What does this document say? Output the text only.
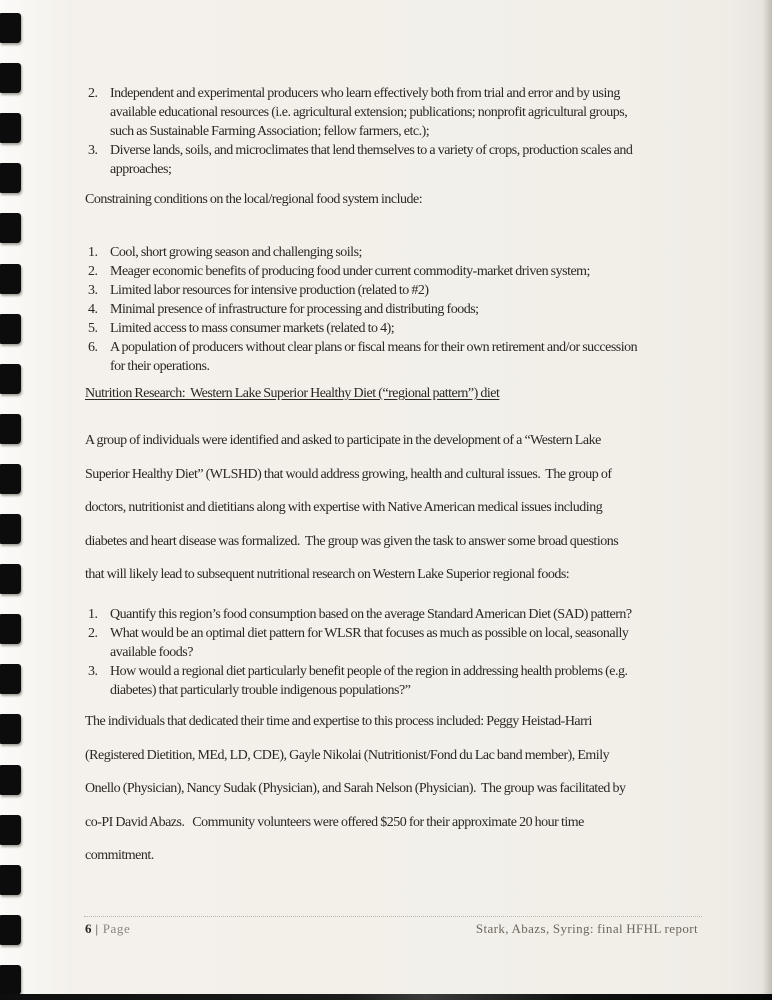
2. Independent and experimental producers who learn effectively both from trial and error and by using
available educational resources (i.e. agricultural extension; publications; nonprofit agricultural groups,
such as Sustainable Farming Association; fellow farmers, etc.);
3. Diverse lands, soils, and microclimates that lend themselves to a variety of crops, production scales and
approaches;
Constraining conditions on the local/regional food system include:
1. Cool, short growing season and challenging soils;
2. Meager economic benefits of producing food under current commodity-market driven system;
3. Limited labor resources for intensive production (related to #2)
4. Minimal presence of infrastructure for processing and distributing foods;
5. Limited access to mass consumer markets (related to 4);
6. A population of producers without clear plans or fiscal means for their own retirement and/or succession
for their operations.
Nutrition Research:  Western Lake Superior Healthy Diet (“regional pattern”) diet
A group of individuals were identified and asked to participate in the development of a “Western Lake
Superior Healthy Diet” (WLSHD) that would address growing, health and cultural issues.  The group of
doctors, nutritionist and dietitians along with expertise with Native American medical issues including
diabetes and heart disease was formalized.  The group was given the task to answer some broad questions
that will likely lead to subsequent nutritional research on Western Lake Superior regional foods:
1. Quantify this region’s food consumption based on the average Standard American Diet (SAD) pattern?
2. What would be an optimal diet pattern for WLSR that focuses as much as possible on local, seasonally
available foods?
3. How would a regional diet particularly benefit people of the region in addressing health problems (e.g.
diabetes) that particularly trouble indigenous populations?”
The individuals that dedicated their time and expertise to this process included: Peggy Heistad-Harri
(Registered Dietition, MEd, LD, CDE), Gayle Nikolai (Nutritionist/Fond du Lac band member), Emily
Onello (Physician), Nancy Sudak (Physician), and Sarah Nelson (Physician).  The group was facilitated by
co-PI David Abazs.   Community volunteers were offered $250 for their approximate 20 hour time
commitment.
6 | Page	Stark, Abazs, Syring: final HFHL report
